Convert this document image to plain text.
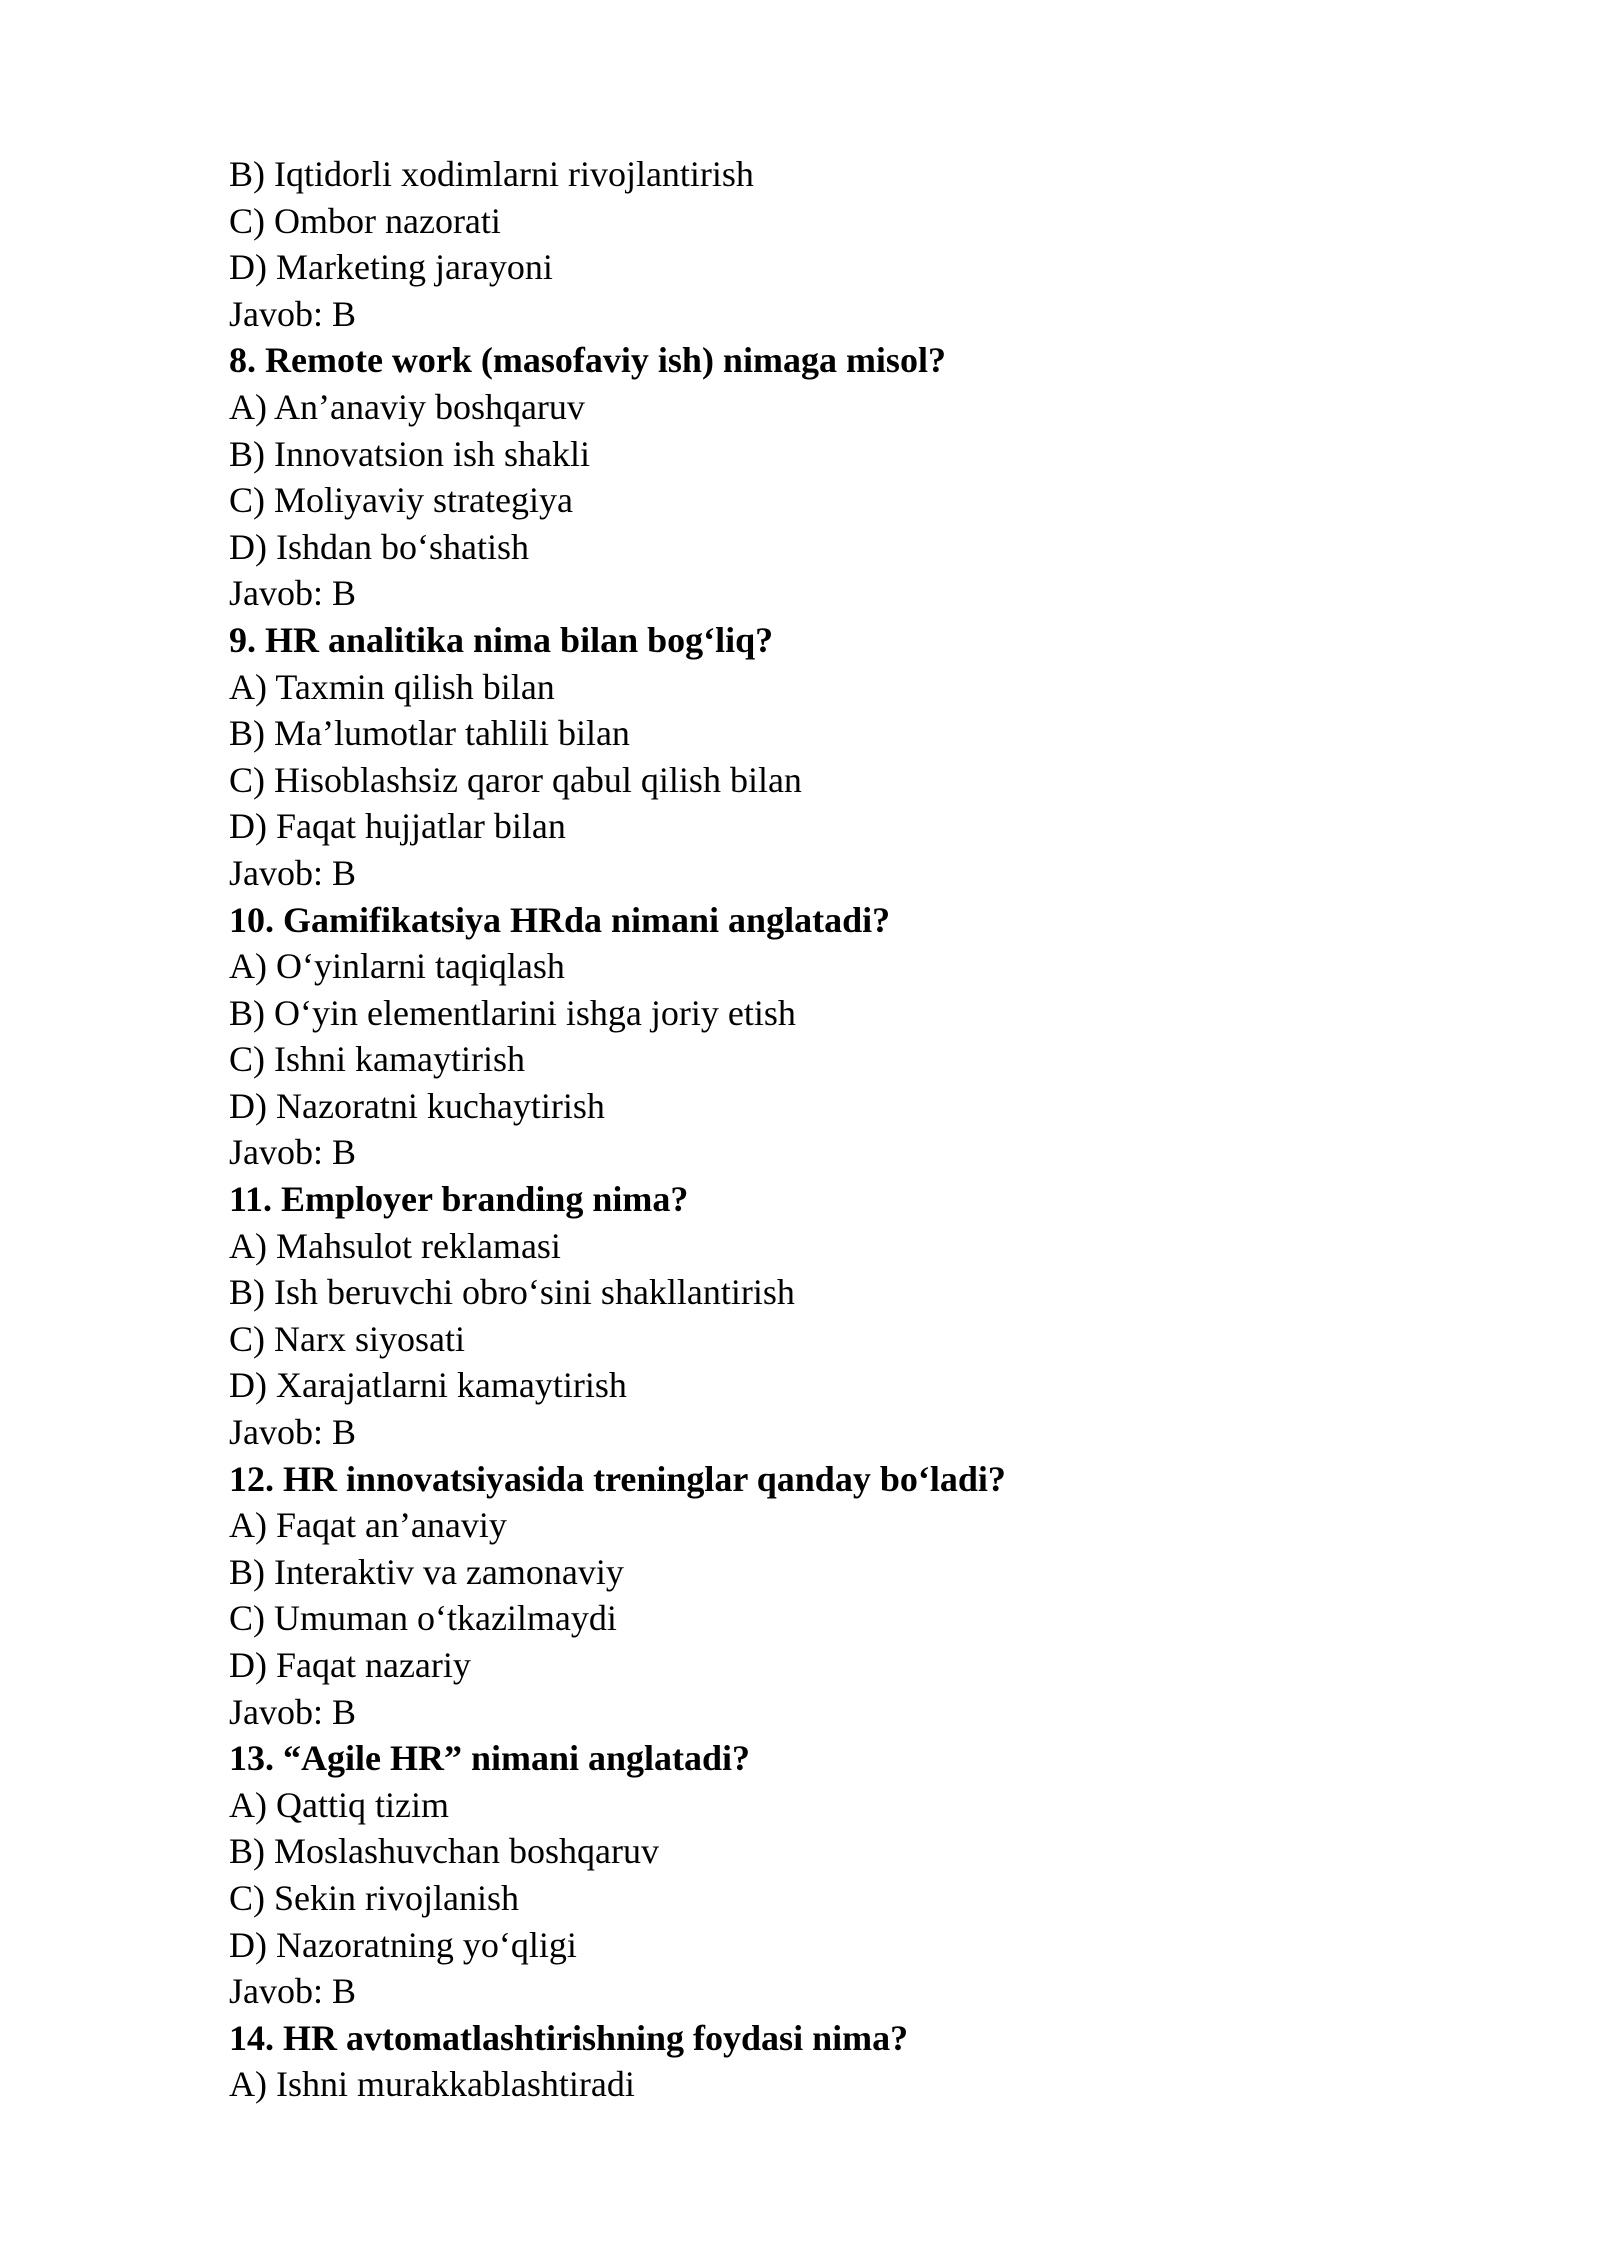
B) Iqtidorli xodimlarni rivojlantirish
C) Ombor nazorati
D) Marketing jarayoni
Javob: B
8. Remote work (masofaviy ish) nimaga misol?
A) An’anaviy boshqaruv
B) Innovatsion ish shakli
C) Moliyaviy strategiya
D) Ishdan bo‘shatish
Javob: B
9. HR analitika nima bilan bog‘liq?
A) Taxmin qilish bilan
B) Ma’lumotlar tahlili bilan
C) Hisoblashsiz qaror qabul qilish bilan
D) Faqat hujjatlar bilan
Javob: B
10. Gamifikatsiya HRda nimani anglatadi?
A) O‘yinlarni taqiqlash
B) O‘yin elementlarini ishga joriy etish
C) Ishni kamaytirish
D) Nazoratni kuchaytirish
Javob: B
11. Employer branding nima?
A) Mahsulot reklamasi
B) Ish beruvchi obro‘sini shakllantirish
C) Narx siyosati
D) Xarajatlarni kamaytirish
Javob: B
12. HR innovatsiyasida treninglar qanday bo‘ladi?
A) Faqat an’anaviy
B) Interaktiv va zamonaviy
C) Umuman o‘tkazilmaydi
D) Faqat nazariy
Javob: B
13. “Agile HR” nimani anglatadi?
A) Qattiq tizim
B) Moslashuvchan boshqaruv
C) Sekin rivojlanish
D) Nazoratning yo‘qligi
Javob: B
14. HR avtomatlashtirishning foydasi nima?
A) Ishni murakkablashtiradi
